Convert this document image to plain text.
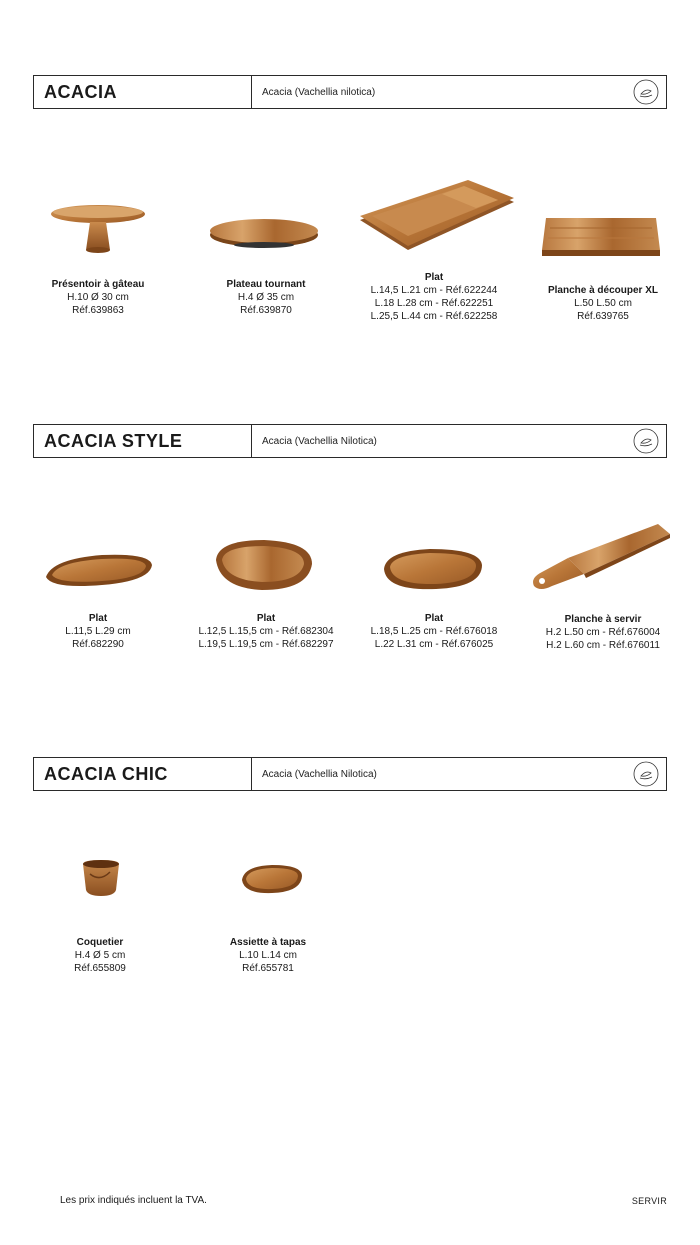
ACACIA	Acacia (Vachellia nilotica)
Présentoir à gâteau
H.10 Ø 30 cm
Réf.639863
Plateau tournant
H.4 Ø 35 cm
Réf.639870
Plat
L.14,5 L.21 cm - Réf.622244
L.18 L.28 cm - Réf.622251
L.25,5 L.44 cm - Réf.622258
Planche à découper XL
L.50 L.50 cm
Réf.639765
ACACIA STYLE	Acacia (Vachellia Nilotica)
Plat
L.11,5 L.29 cm
Réf.682290
Plat
L.12,5 L.15,5 cm - Réf.682304
L.19,5 L.19,5 cm - Réf.682297
Plat
L.18,5 L.25 cm - Réf.676018
L.22 L.31 cm - Réf.676025
Planche à servir
H.2 L.50 cm - Réf.676004
H.2 L.60 cm - Réf.676011
ACACIA CHIC	Acacia (Vachellia Nilotica)
Coquetier
H.4 Ø 5 cm
Réf.655809
Assiette à tapas
L.10 L.14 cm
Réf.655781
Les prix indiqués incluent la TVA.	SERVIR
